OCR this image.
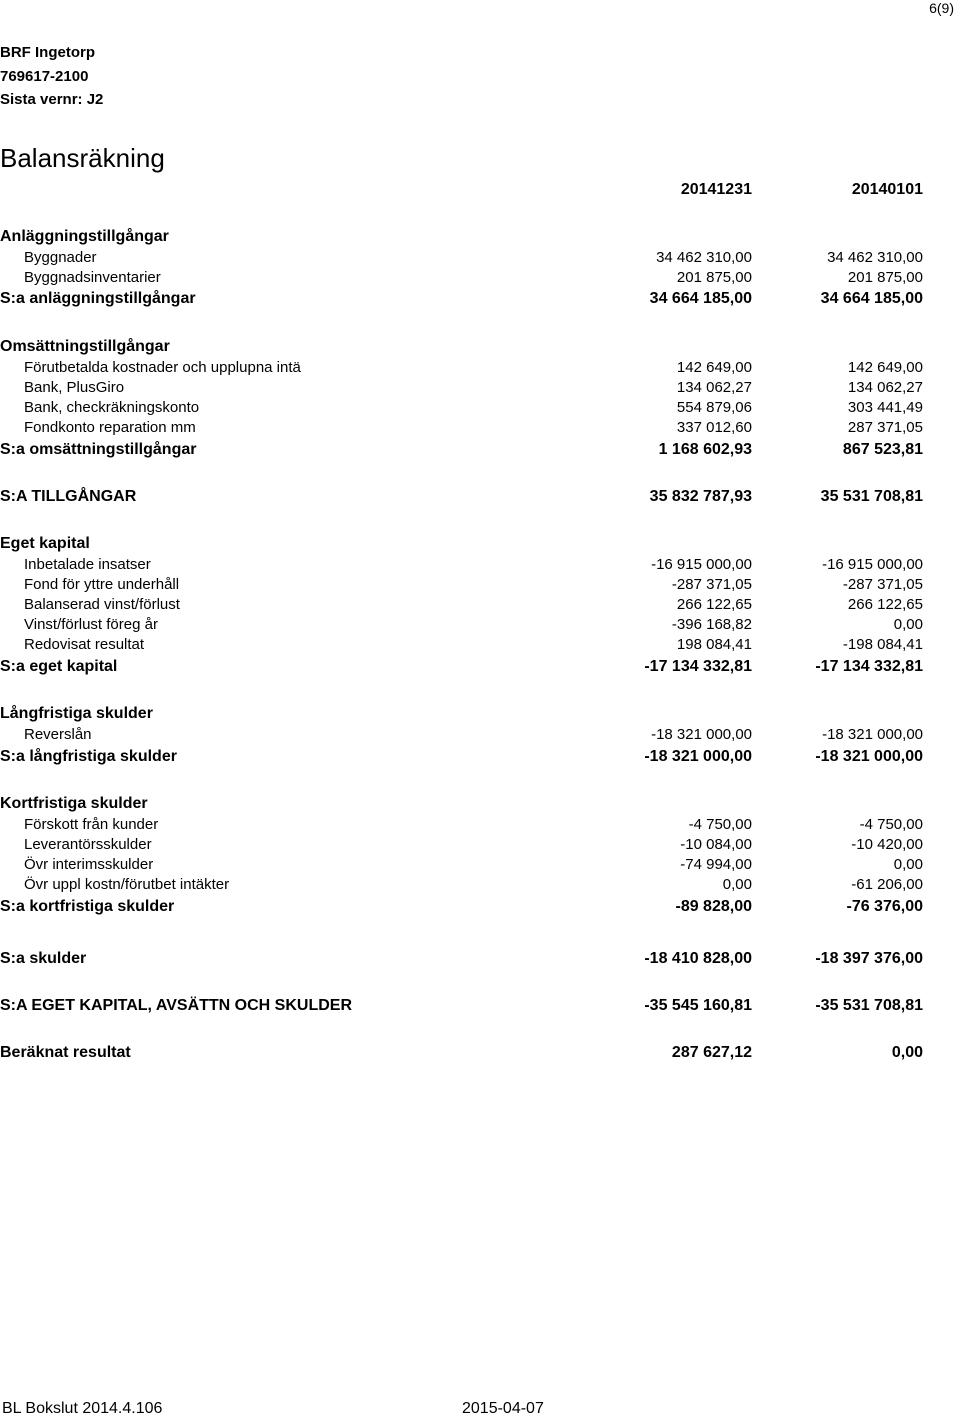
6(9)
BRF Ingetorp
769617-2100
Sista vernr: J2
Balansräkning
20141231	20140101
Anläggningstillgångar
Byggnader	34 462 310,00	34 462 310,00
Byggnadsinventarier	201 875,00	201 875,00
S:a anläggningstillgångar	34 664 185,00	34 664 185,00
Omsättningstillgångar
Förutbetalda kostnader och upplupna intä	142 649,00	142 649,00
Bank, PlusGiro	134 062,27	134 062,27
Bank, checkräkningskonto	554 879,06	303 441,49
Fondkonto reparation mm	337 012,60	287 371,05
S:a omsättningstillgångar	1 168 602,93	867 523,81
S:A TILLGÅNGAR	35 832 787,93	35 531 708,81
Eget kapital
Inbetalade insatser	-16 915 000,00	-16 915 000,00
Fond för yttre underhåll	-287 371,05	-287 371,05
Balanserad vinst/förlust	266 122,65	266 122,65
Vinst/förlust föreg år	-396 168,82	0,00
Redovisat resultat	198 084,41	-198 084,41
S:a eget kapital	-17 134 332,81	-17 134 332,81
Långfristiga skulder
Reverslån	-18 321 000,00	-18 321 000,00
S:a långfristiga skulder	-18 321 000,00	-18 321 000,00
Kortfristiga skulder
Förskott från kunder	-4 750,00	-4 750,00
Leverantörsskulder	-10 084,00	-10 420,00
Övr interimsskulder	-74 994,00	0,00
Övr uppl kostn/förutbet intäkter	0,00	-61 206,00
S:a kortfristiga skulder	-89 828,00	-76 376,00
S:a skulder	-18 410 828,00	-18 397 376,00
S:A EGET KAPITAL, AVSÄTTN OCH SKULDER	-35 545 160,81	-35 531 708,81
Beräknat resultat	287 627,12	0,00
BL Bokslut 2014.4.106	2015-04-07
